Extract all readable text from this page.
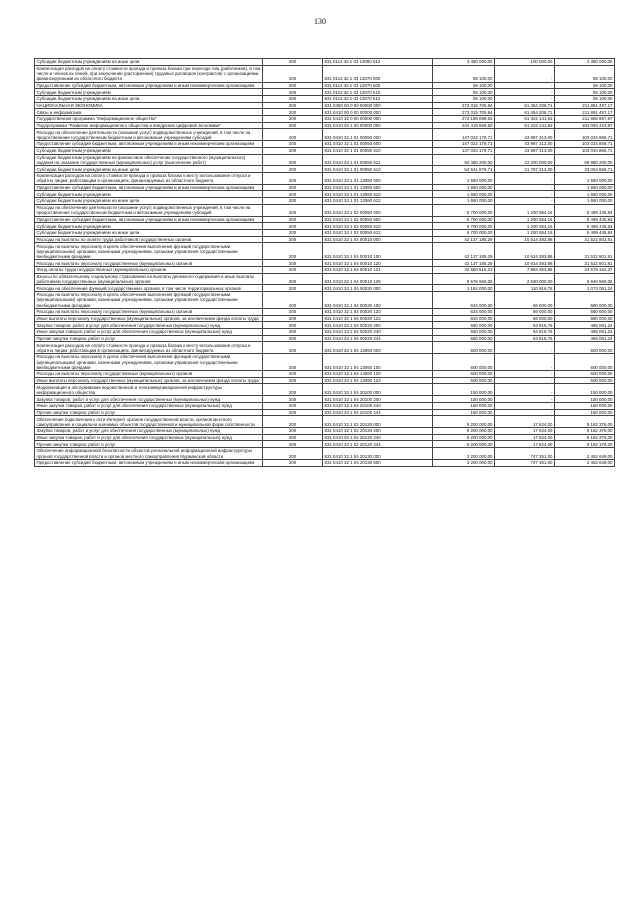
130
Субсидии бюджетным учреждениям на иные цели	200	831 0113 32 1 03 13080 612	3 480 000,00	100 000,00	3 380 000,00
Компенсация расходов на оплату стоимости проезда и провоза багажа при переезде лиц (работников), в том числе и членов их семей, при заключении (расторжении) трудовых договоров (контрактов) с организациями, финансируемыми из областного бюджета	200	831 0113 32 1 03 13070 000	59 100,00	-	59 100,00
Предоставление субсидий бюджетным, автономным учреждениям и иным некоммерческим организациям	200	831 0113 32 1 03 13070 600	59 100,00	-	59 100,00
Субсидии бюджетным учреждениям	200	831 0113 32 1 03 13070 610	59 100,00	-	59 100,00
Субсидии бюджетным учреждениям на иные цели	200	831 0113 32 1 03 13070 612	59 100,00	-	59 100,00
НАЦИОНАЛЬНАЯ ЭКОНОМИКА	200	831 0400 00 0 00 00000 000	273 315 705,84	61 454 208,71	211 861 497,17
Связь и информатика	200	831 0410 00 0 00 00000 000	273 315 705,84	61 454 208,71	211 861 497,17
Государственная программа "Информационное общество"	200	831 0410 32 0 00 00000 000	273 189 099,63	61 322 141,63	211 866 957,97
Подпрограмма "Развитие информационного общества и внедрение цифровой экономики"	200	831 0410 32 1 00 00000 000	244 415 565,60	61 322 141,63	183 093 423,97
Расходы на обеспечение деятельности (оказание услуг) подведомственных учреждений, в том числе на предоставление государственным бюджетным и автономным учреждениям субсидий	200	831 0410 32 1 01 00050 000	147 022 179,71	43 987 313,00	103 034 866,71
Предоставление субсидий бюджетным, автономным учреждениям и иным некоммерческим организациям	200	831 0410 32 1 01 00050 600	147 022 179,71	43 987 313,00	103 034 866,71
Субсидии бюджетным учреждениям	200	831 0410 32 1 01 00050 610	147 022 179,71	43 987 313,00	103 034 866,71
Субсидии бюджетным учреждениям на финансовое обеспечение государственного (муниципального) задания на оказание государственных (муниципальных) услуг (выполнение работ)	200	831 0410 32 1 01 00050 611	92 480 200,00	22 200 000,00	69 980 200,00
Субсидии бюджетным учреждениям на иные цели	200	831 0410 32 1 01 00050 612	54 541 979,71	21 787 313,00	33 054 666,71
Компенсация расходов на оплату стоимости проезда и провоза багажа к месту использования отпуска и обратно лицам, работающим в организациях, финансируемых из областного бюджета	200	831 0410 32 1 01 13060 000	1 650 000,00	-	1 650 000,00
Предоставление субсидий бюджетным, автономным учреждениям и иным некоммерческим организациям	200	831 0410 32 1 01 13060 600	1 650 000,00	-	1 650 000,00
Субсидии бюджетным учреждениям	200	831 0410 32 1 01 13060 610	1 650 000,00	-	1 650 000,00
Субсидии бюджетным учреждениям на иные цели	200	831 0410 32 1 01 13060 612	1 650 000,00	-	1 650 000,00
Расходы на обеспечение деятельности (оказание услуг) подведомственных учреждений, в том числе на предоставление государственным бюджетным и автономным учреждениям субсидий	200	831 0410 32 1 02 00050 000	6 700 000,00	1 200 554,16	5 499 445,84
Предоставление субсидий бюджетным, автономным учреждениям и иным некоммерческим организациям	200	831 0410 32 1 02 00050 600	6 700 000,00	1 200 554,16	5 499 445,84
Субсидии бюджетным учреждениям	200	831 0410 32 1 02 00050 610	6 700 000,00	1 200 554,16	5 499 445,84
Субсидии бюджетным учреждениям на иные цели	200	831 0410 32 1 02 00050 612	6 700 000,00	1 200 554,16	5 499 445,84
Расходы на выплаты по оплате труда работников государственных органов	200	831 0410 32 1 04 00010 000	42 137 185,29	10 614 383,88	31 522 801,91
Расходы на выплаты персоналу в целях обеспечения выполнения функций государственными (муниципальными) органами, казенными учреждениями, органами управления государственными внебюджетными фондами	200	831 0410 32 1 04 00010 100	42 137 185,29	10 614 383,88	31 522 801,91
Расходы на выплаты персоналу государственных (муниципальных) органов	200	831 0410 32 1 04 00010 120	42 137 185,29	10 614 383,88	31 522 801,91
Фонд оплаты труда государственных (муниципальных) органов	200	831 0410 32 1 04 00010 121	32 560 516,23	7 984 353,86	24 576 162,37
Взносы по обязательному социальному страхованию на выплаты денежного содержания и иные выплаты работникам государственных (муниципальных) органов	200	831 0410 32 1 04 00010 129	9 576 669,06	2 630 000,00	6 946 669,06
Расходы на обеспечение функций государственных органов, в том числе территориальных органов	200	831 0410 32 1 04 00020 000	1 184 000,00	110 916,76	1 073 081,24
Расходы на выплаты персоналу в целях обеспечения выполнения функций государственными (муниципальными) органами, казенными учреждениями, органами управления государственными внебюджетными фондами	200	831 0410 32 1 04 00020 100	634 000,00	56 000,00	580 000,00
Расходы на выплаты персоналу государственных (муниципальных) органов	200	831 0410 32 1 04 00020 120	634 000,00	56 000,00	580 000,00
Иные выплаты персоналу государственных (муниципальных) органов, за исключением фонда оплаты труда	200	831 0410 32 1 04 00020 122	634 000,00	56 000,00	580 000,00
Закупка товаров, работ и услуг для обеспечения государственных (муниципальных) нужд	200	831 0410 32 1 04 00020 200	550 000,00	54 918,76	495 081,24
Иные закупки товаров, работ и услуг для обеспечения государственных (муниципальных) нужд	200	831 0410 32 1 04 00020 240	550 000,00	54 918,76	495 081,24
Прочая закупка товаров, работ и услуг	200	831 0410 32 1 04 00020 244	550 000,00	54 918,76	495 081,24
Компенсация расходов на оплату стоимости проезда и провоза багажа к месту использования отпуска и обратно лицам, работающим в организациях, финансируемых из областного бюджета	200	831 0410 32 1 04 13060 000	600 000,00	-	600 000,00
Расходы на выплаты персоналу в целях обеспечения выполнения функций государственными (муниципальными) органами, казенными учреждениями, органами управления государственными внебюджетными фондами	200	831 0410 32 1 04 13060 100	600 000,00	-	600 000,00
Расходы на выплаты персоналу государственных (муниципальных) органов	200	831 0410 32 1 04 13060 120	600 000,00	-	600 000,00
Иные выплаты персоналу государственных (муниципальных) органов, за исключением фонда оплаты труда	200	831 0410 32 1 04 13060 122	600 000,00	-	600 000,00
Модернизация и обслуживание ведомственной и телекоммуникационной инфраструктуры информационного общества	200	831 0410 32 1 04 20100 000	150 000,00	-	150 000,00
Закупка товаров, работ и услуг для обеспечения государственных (муниципальных) нужд	200	831 0410 32 1 04 20100 200	150 000,00	-	150 000,00
Иные закупки товаров, работ и услуг для обеспечения государственных (муниципальных) нужд	200	831 0410 32 1 04 20100 240	150 000,00	-	150 000,00
Прочая закупка товаров, работ и услуг	200	831 0410 32 1 04 20100 244	150 000,00	-	150 000,00
Обеспечение подключения к сети Интернет органов государственной власти, органов местного самоуправления и социально значимых объектов государственной и муниципальной форм собственности	200	831 0410 32 1 02 20120 000	9 200 000,00	17 624,00	9 182 376,00
Закупка товаров, работ и услуг для обеспечения государственных (муниципальных) нужд	200	831 0410 32 1 02 20120 200	9 200 000,00	17 624,00	9 182 376,00
Иные закупки товаров, работ и услуг для обеспечения государственных (муниципальных) нужд	200	831 0410 32 1 02 20120 240	9 200 000,00	17 624,00	9 182 376,00
Прочая закупка товаров, работ и услуг	200	831 0410 32 1 02 20120 244	9 200 000,00	17 624,00	9 182 376,00
Обеспечение информационной безопасности объектов региональной информационной инфраструктуры органов государственной власти и органов местного самоуправления Мурманской области	200	831 0410 32 1 04 20130 000	3 200 000,00	747 351,00	2 452 649,00
Предоставление субсидий бюджетным, автономным учреждениям и иным некоммерческим организациям	200	831 0410 32 1 04 20130 600	3 200 000,00	747 351,00	2 452 649,00
